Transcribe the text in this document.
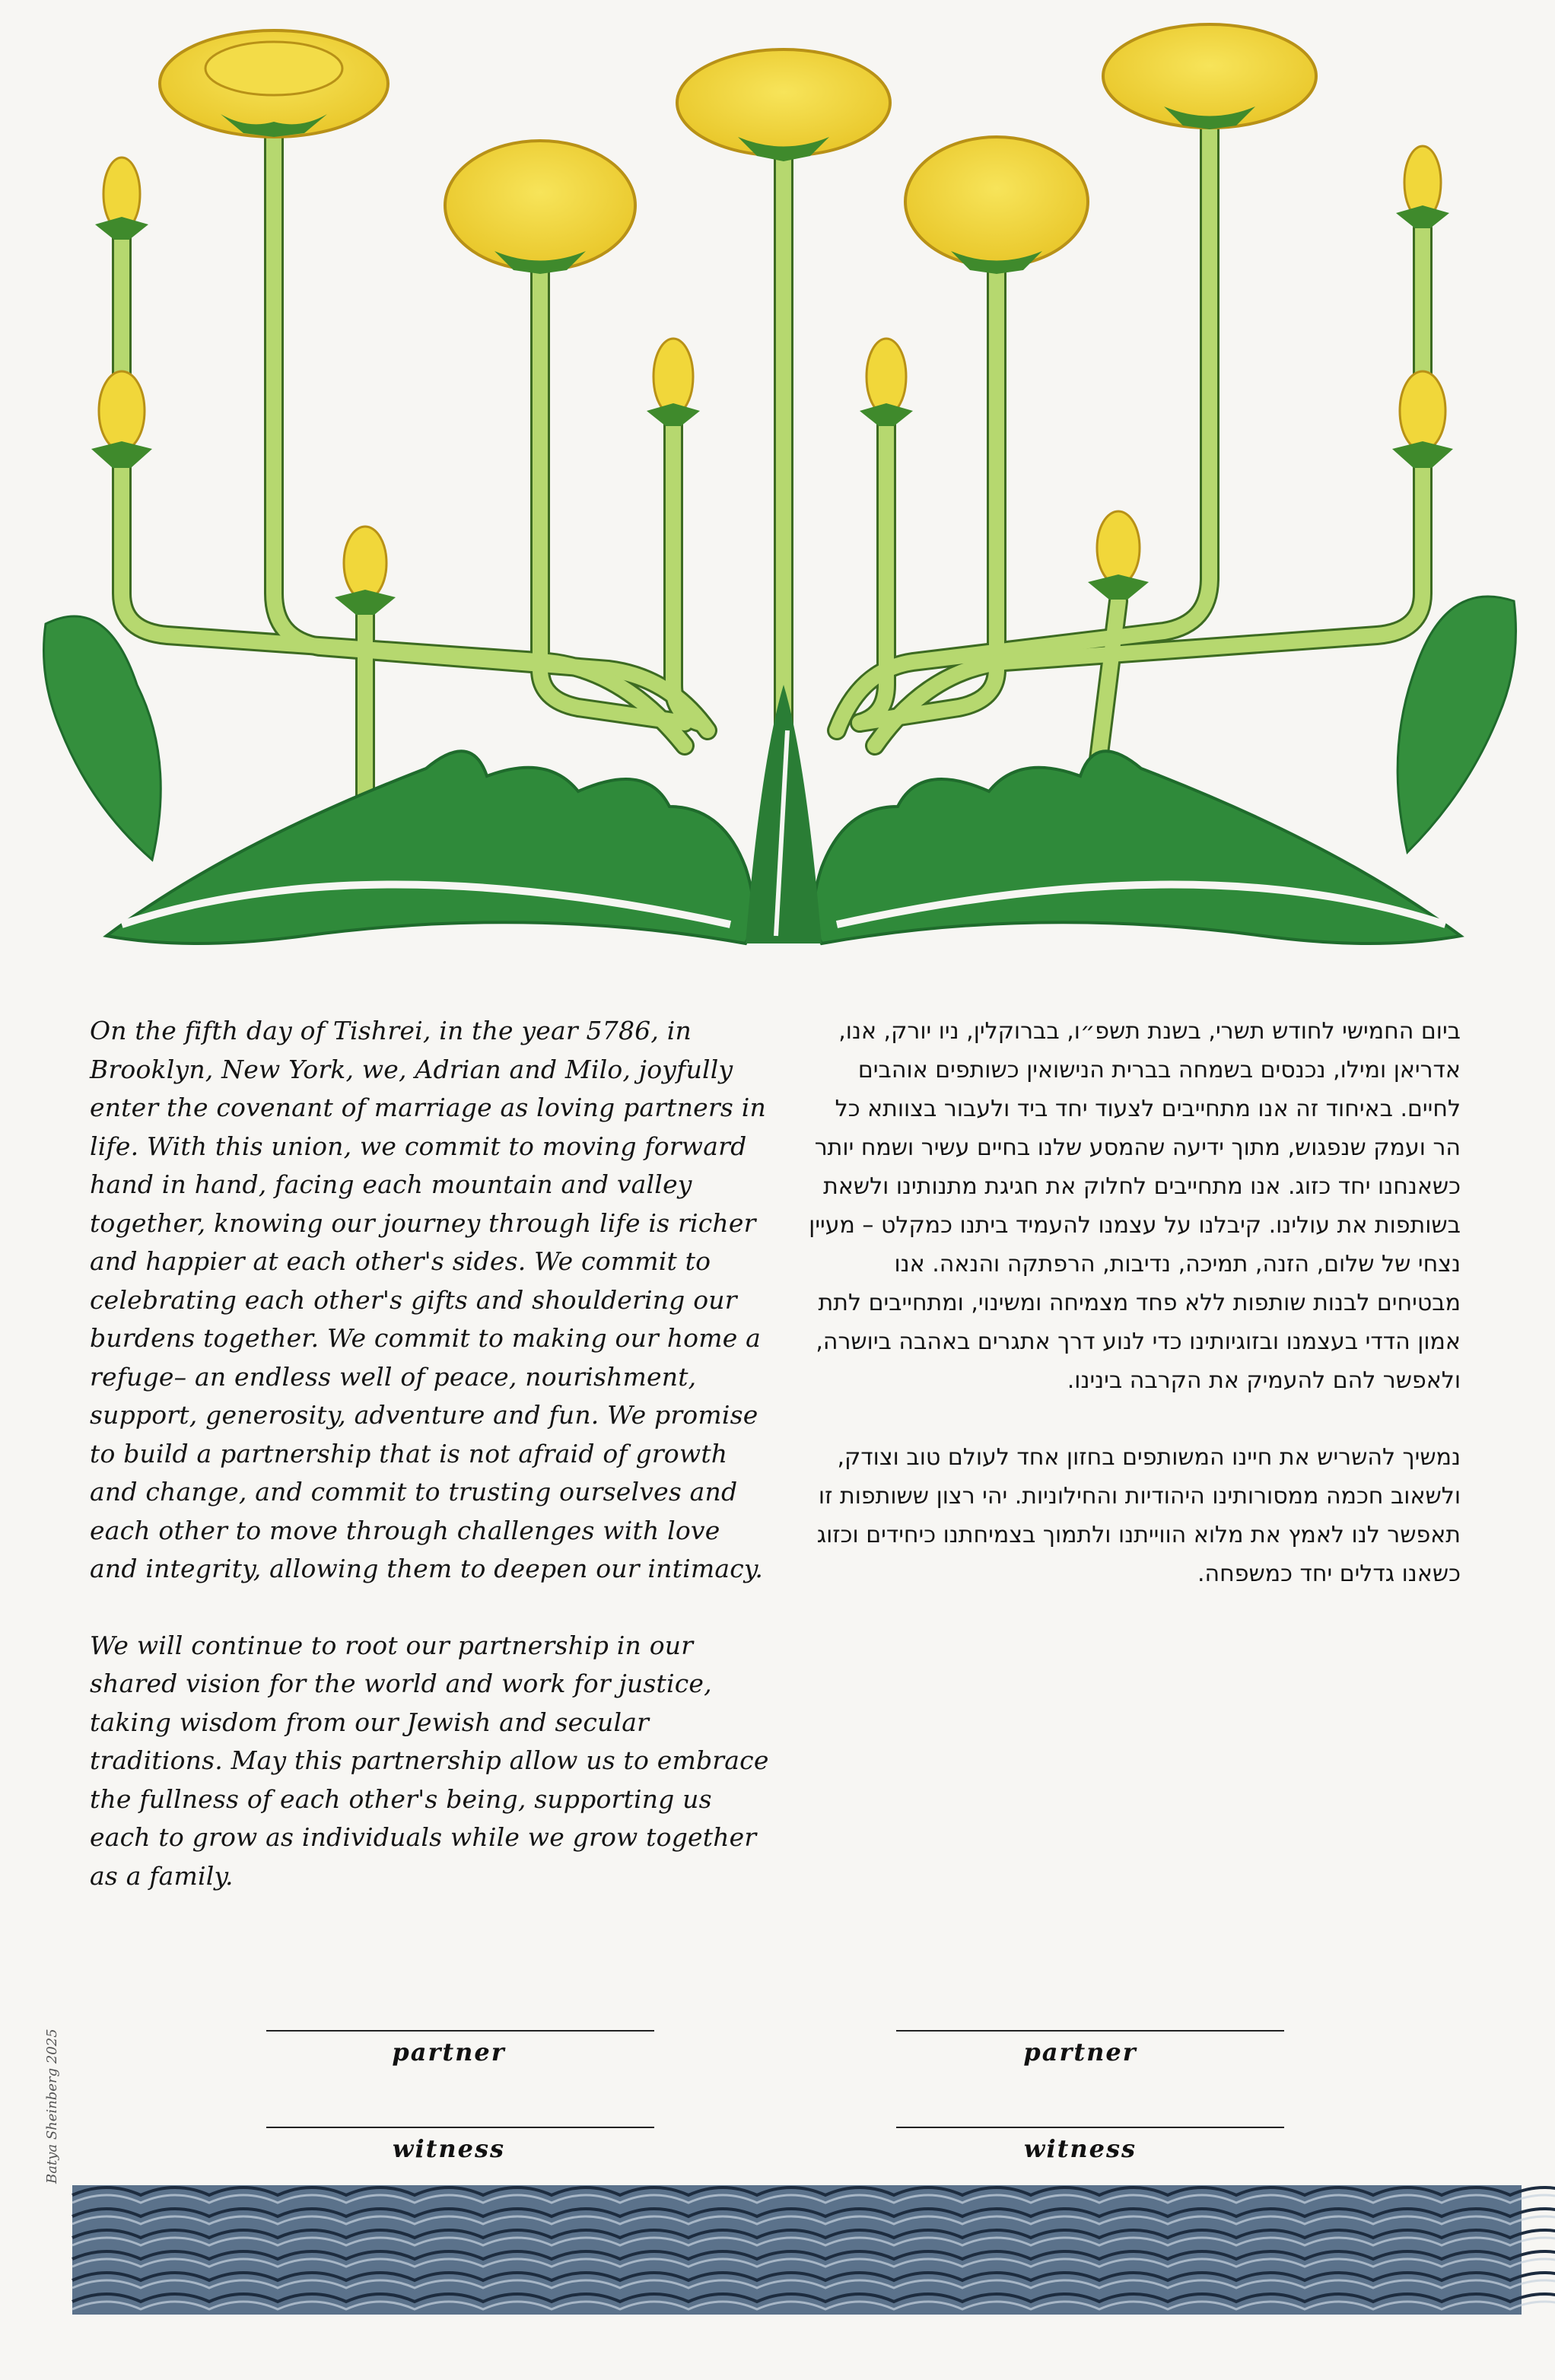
On the fifth day of Tishrei, in the year 5786, in Brooklyn, New York, we, Adrian and Milo, joyfully enter the covenant of marriage as loving partners in life. With this union, we commit to moving forward hand in hand, facing each mountain and valley together, knowing our journey through life is richer and happier at each other's sides. We commit to celebrating each other's gifts and shouldering our burdens together. We commit to making our home a refuge– an endless well of peace, nourishment, support, generosity, adventure and fun. We promise to build a partnership that is not afraid of growth and change, and commit to trusting ourselves and each other to move through challenges with love and integrity, allowing them to deepen our intimacy.

We will continue to root our partnership in our shared vision for the world and work for justice, taking wisdom from our Jewish and secular traditions. May this partnership allow us to embrace the fullness of each other's being, supporting us each to grow as individuals while we grow together as a family.

ביום החמישי לחודש תשרי, בשנת תשפ״ו, בברוקלין, ניו יורק, אנו, אדריאן ומילו, נכנסים בשמחה בברית הנישואין כשותפים אוהבים לחיים. באיחוד זה אנו מתחייבים לצעוד יחד ביד ולעבור בצוותא כל הר ועמק שנפגוש, מתוך ידיעה שהמסע שלנו בחיים עשיר ושמח יותר כשאנחנו יחד כזוג. אנו מתחייבים לחלוק את חגיגת מתנותינו ולשאת בשותפות את עולינו. קיבלנו על עצמנו להעמיד ביתנו כמקלט – מעיין נצחי של שלום, הזנה, תמיכה, נדיבות, הרפתקה והנאה. אנו מבטיחים לבנות שותפות ללא פחד מצמיחה ומשינוי, ומתחייבים לתת אמון הדדי בעצמנו ובזוגיותינו כדי לנוע דרך אתגרים באהבה ביושרה, ולאפשר להם להעמיק את הקרבה בינינו.

נמשיך להשריש את חיינו המשותפים בחזון אחד לעולם טוב וצודק, ולשאוב חכמה ממסורותינו היהודיות והחילוניות. יהי רצון ששותפות זו תאפשר לנו לאמץ את מלוא הווייתנו ולתמוך בצמיחתנו כיחידים וכזוג כשאנו גדלים יחד כמשפחה.

partner	partner
witness	witness
Batya Sheinberg 2025
